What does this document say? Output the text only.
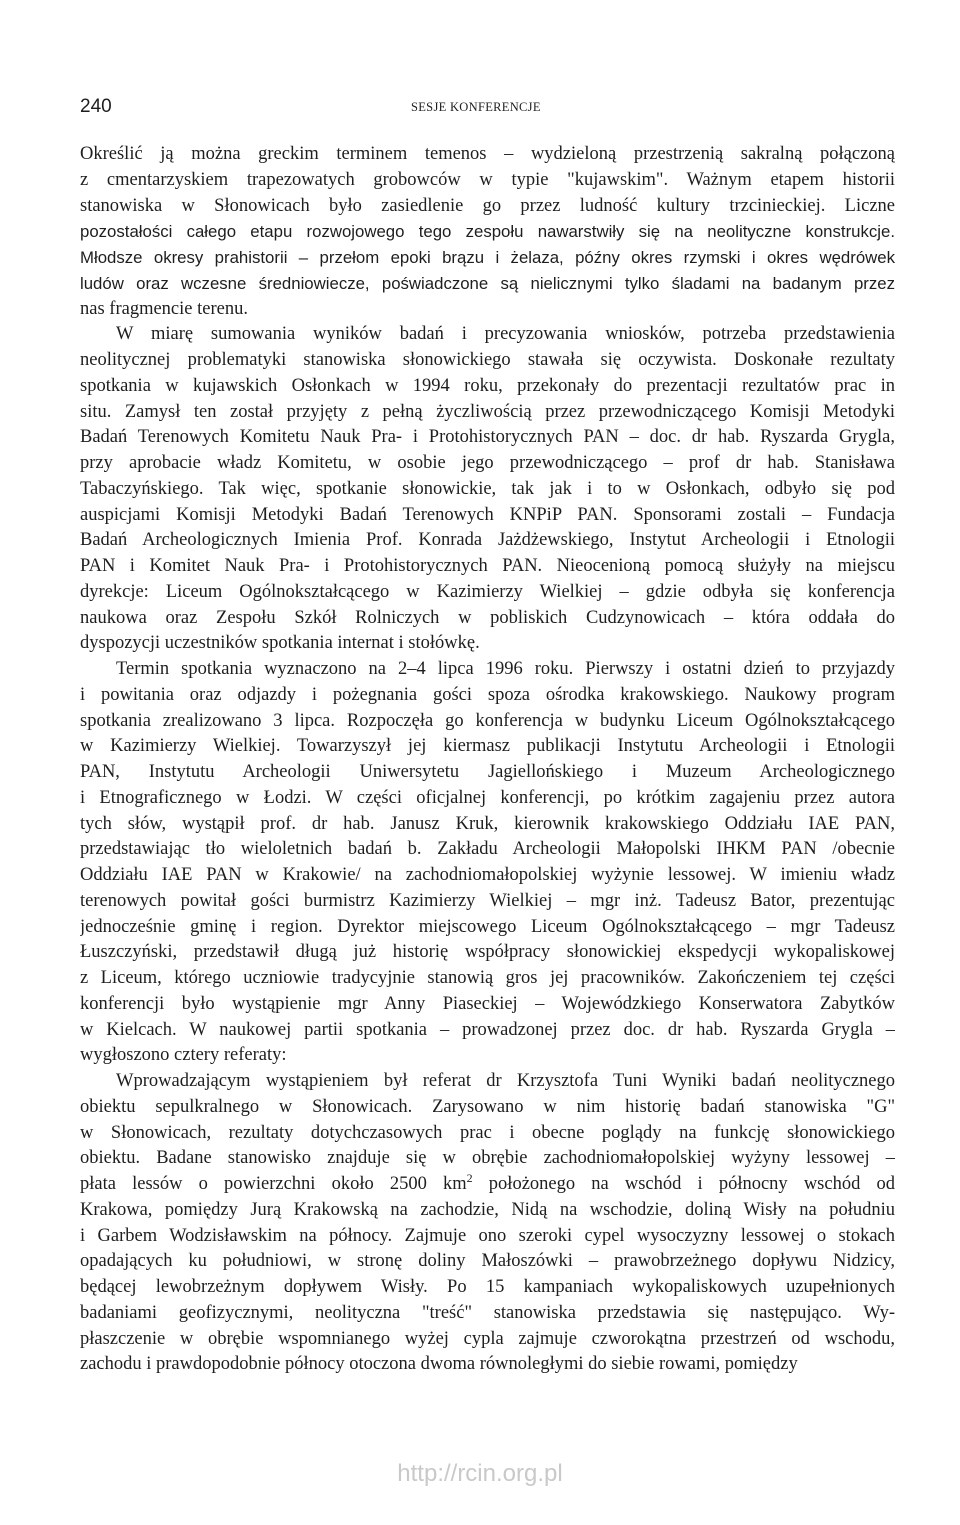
240	SESJE KONFERENCJE
Określić ją można greckim terminem temenos – wydzieloną przestrzenią sakralną połączoną
z cmentarzyskiem trapezowatych grobowców w typie "kujawskim". Ważnym etapem historii
stanowiska w Słonowicach było zasiedlenie go przez ludność kultury trzcinieckiej. Liczne
pozostałości całego etapu rozwojowego tego zespołu nawarstwiły się na neolityczne konstrukcje.
Młodsze okresy prahistorii – przełom epoki brązu i żelaza, późny okres rzymski i okres wędrówek
ludów oraz wczesne średniowiecze, poświadczone są nielicznymi tylko śladami na badanym przez
nas fragmencie terenu.
W miarę sumowania wyników badań i precyzowania wniosków, potrzeba przedstawienia
neolitycznej problematyki stanowiska słonowickiego stawała się oczywista. Doskonałe rezultaty
spotkania w kujawskich Osłonkach w 1994 roku, przekonały do prezentacji rezultatów prac in
situ. Zamysł ten został przyjęty z pełną życzliwością przez przewodniczącego Komisji Metodyki
Badań Terenowych Komitetu Nauk Pra- i Protohistorycznych PAN – doc. dr hab. Ryszarda Grygla,
przy aprobacie władz Komitetu, w osobie jego przewodniczącego – prof dr hab. Stanisława
Tabaczyńskiego. Tak więc, spotkanie słonowickie, tak jak i to w Osłonkach, odbyło się pod
auspicjami Komisji Metodyki Badań Terenowych KNPiP PAN. Sponsorami zostali – Fundacja
Badań Archeologicznych Imienia Prof. Konrada Jażdżewskiego, Instytut Archeologii i Etnologii
PAN i Komitet Nauk Pra- i Protohistorycznych PAN. Nieocenioną pomocą służyły na miejscu
dyrekcje: Liceum Ogólnokształcącego w Kazimierzy Wielkiej – gdzie odbyła się konferencja
naukowa oraz Zespołu Szkół Rolniczych w pobliskich Cudzynowicach – która oddała do
dyspozycji uczestników spotkania internat i stołówkę.
Termin spotkania wyznaczono na 2–4 lipca 1996 roku. Pierwszy i ostatni dzień to przyjazdy
i powitania oraz odjazdy i pożegnania gości spoza ośrodka krakowskiego. Naukowy program
spotkania zrealizowano 3 lipca. Rozpoczęła go konferencja w budynku Liceum Ogólnokształcącego
w Kazimierzy Wielkiej. Towarzyszył jej kiermasz publikacji Instytutu Archeologii i Etnologii
PAN, Instytutu Archeologii Uniwersytetu Jagiellońskiego i Muzeum Archeologicznego
i Etnograficznego w Łodzi. W części oficjalnej konferencji, po krótkim zagajeniu przez autora
tych słów, wystąpił prof. dr hab. Janusz Kruk, kierownik krakowskiego Oddziału IAE PAN,
przedstawiając tło wieloletnich badań b. Zakładu Archeologii Małopolski IHKM PAN /obecnie
Oddziału IAE PAN w Krakowie/ na zachodniomałopolskiej wyżynie lessowej. W imieniu władz
terenowych powitał gości burmistrz Kazimierzy Wielkiej – mgr inż. Tadeusz Bator, prezentując
jednocześnie gminę i region. Dyrektor miejscowego Liceum Ogólnokształcącego – mgr Tadeusz
Łuszczyński, przedstawił długą już historię współpracy słonowickiej ekspedycji wykopaliskowej
z Liceum, którego uczniowie tradycyjnie stanowią gros jej pracowników. Zakończeniem tej części
konferencji było wystąpienie mgr Anny Piaseckiej – Wojewódzkiego Konserwatora Zabytków
w Kielcach. W naukowej partii spotkania – prowadzonej przez doc. dr hab. Ryszarda Grygla –
wygłoszono cztery referaty:
Wprowadzającym wystąpieniem był referat dr Krzysztofa Tuni Wyniki badań neolitycznego
obiektu sepulkralnego w Słonowicach. Zarysowano w nim historię badań stanowiska "G"
w Słonowicach, rezultaty dotychczasowych prac i obecne poglądy na funkcję słonowickiego
obiektu. Badane stanowisko znajduje się w obrębie zachodniomałopolskiej wyżyny lessowej –
płata lessów o powierzchni około 2500 $km^2$ położonego na wschód i północny wschód od
Krakowa, pomiędzy Jurą Krakowską na zachodzie, Nidą na wschodzie, doliną Wisły na południu
i Garbem Wodzisławskim na północy. Zajmuje ono szeroki cypel wysoczyzny lessowej o stokach
opadających ku południowi, w stronę doliny Małoszówki – prawobrzeżnego dopływu Nidzicy,
będącej lewobrzeżnym dopływem Wisły. Po 15 kampaniach wykopaliskowych uzupełnionych
badaniami geofizycznymi, neolityczna "treść" stanowiska przedstawia się następująco. Wy-
płaszczenie w obrębie wspomnianego wyżej cypla zajmuje czworokątna przestrzeń od wschodu,
zachodu i prawdopodobnie północy otoczona dwoma równoległymi do siebie rowami, pomiędzy
http://rcin.org.pl
